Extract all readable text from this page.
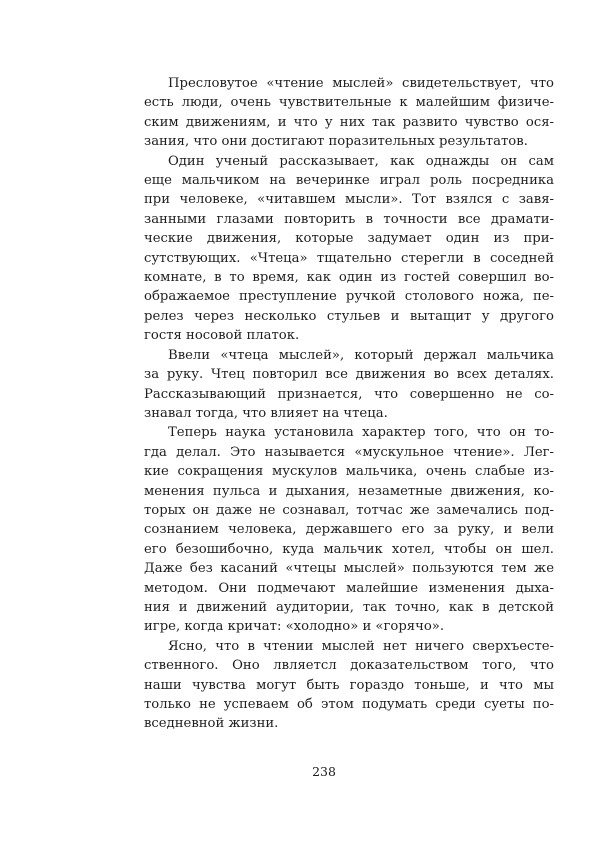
Пресловутое «чтение мыслей» свидетельствует, что
есть люди, очень чувствительные к малейшим физиче-
ским движениям, и что у них так развито чувство ося-
зания, что они достигают поразительных результатов.

Один ученый рассказывает, как однажды он сам
еще мальчиком на вечеринке играл роль посредника
при человеке, «читавшем мысли». Тот взялся с завя-
занными глазами повторить в точности все драмати-
ческие движения, которые задумает один из при-
сутствующих. «Чтеца» тщательно стерегли в соседней
комнате, в то время, как один из гостей совершил во-
ображаемое преступление ручкой столового ножа, пе-
релез через несколько стульев и вытащит у другого
гостя носовой платок.

Ввели «чтеца мыслей», который держал мальчика
за руку. Чтец повторил все движения во всех деталях.
Рассказывающий признается, что совершенно не со-
знавал тогда, что влияет на чтеца.

Теперь наука установила характер того, что он то-
гда делал. Это называется «мускульное чтение». Лег-
кие сокращения мускулов мальчика, очень слабые из-
менения пульса и дыхания, незаметные движения, ко-
торых он даже не сознавал, тотчас же замечались под-
сознанием человека, державшего его за руку, и вели
его безошибочно, куда мальчик хотел, чтобы он шел.
Даже без касаний «чтецы мыслей» пользуются тем же
методом. Они подмечают малейшие изменения дыха-
ния и движений аудитории, так точно, как в детской
игре, когда кричат: «холодно» и «горячо».

Ясно, что в чтении мыслей нет ничего сверхъесте-
ственного. Оно лвляетсл доказательством того, что
наши чувства могут быть гораздо тоньше, и что мы
только не успеваем об этом подумать среди суеты по-
вседневной жизни.

238
